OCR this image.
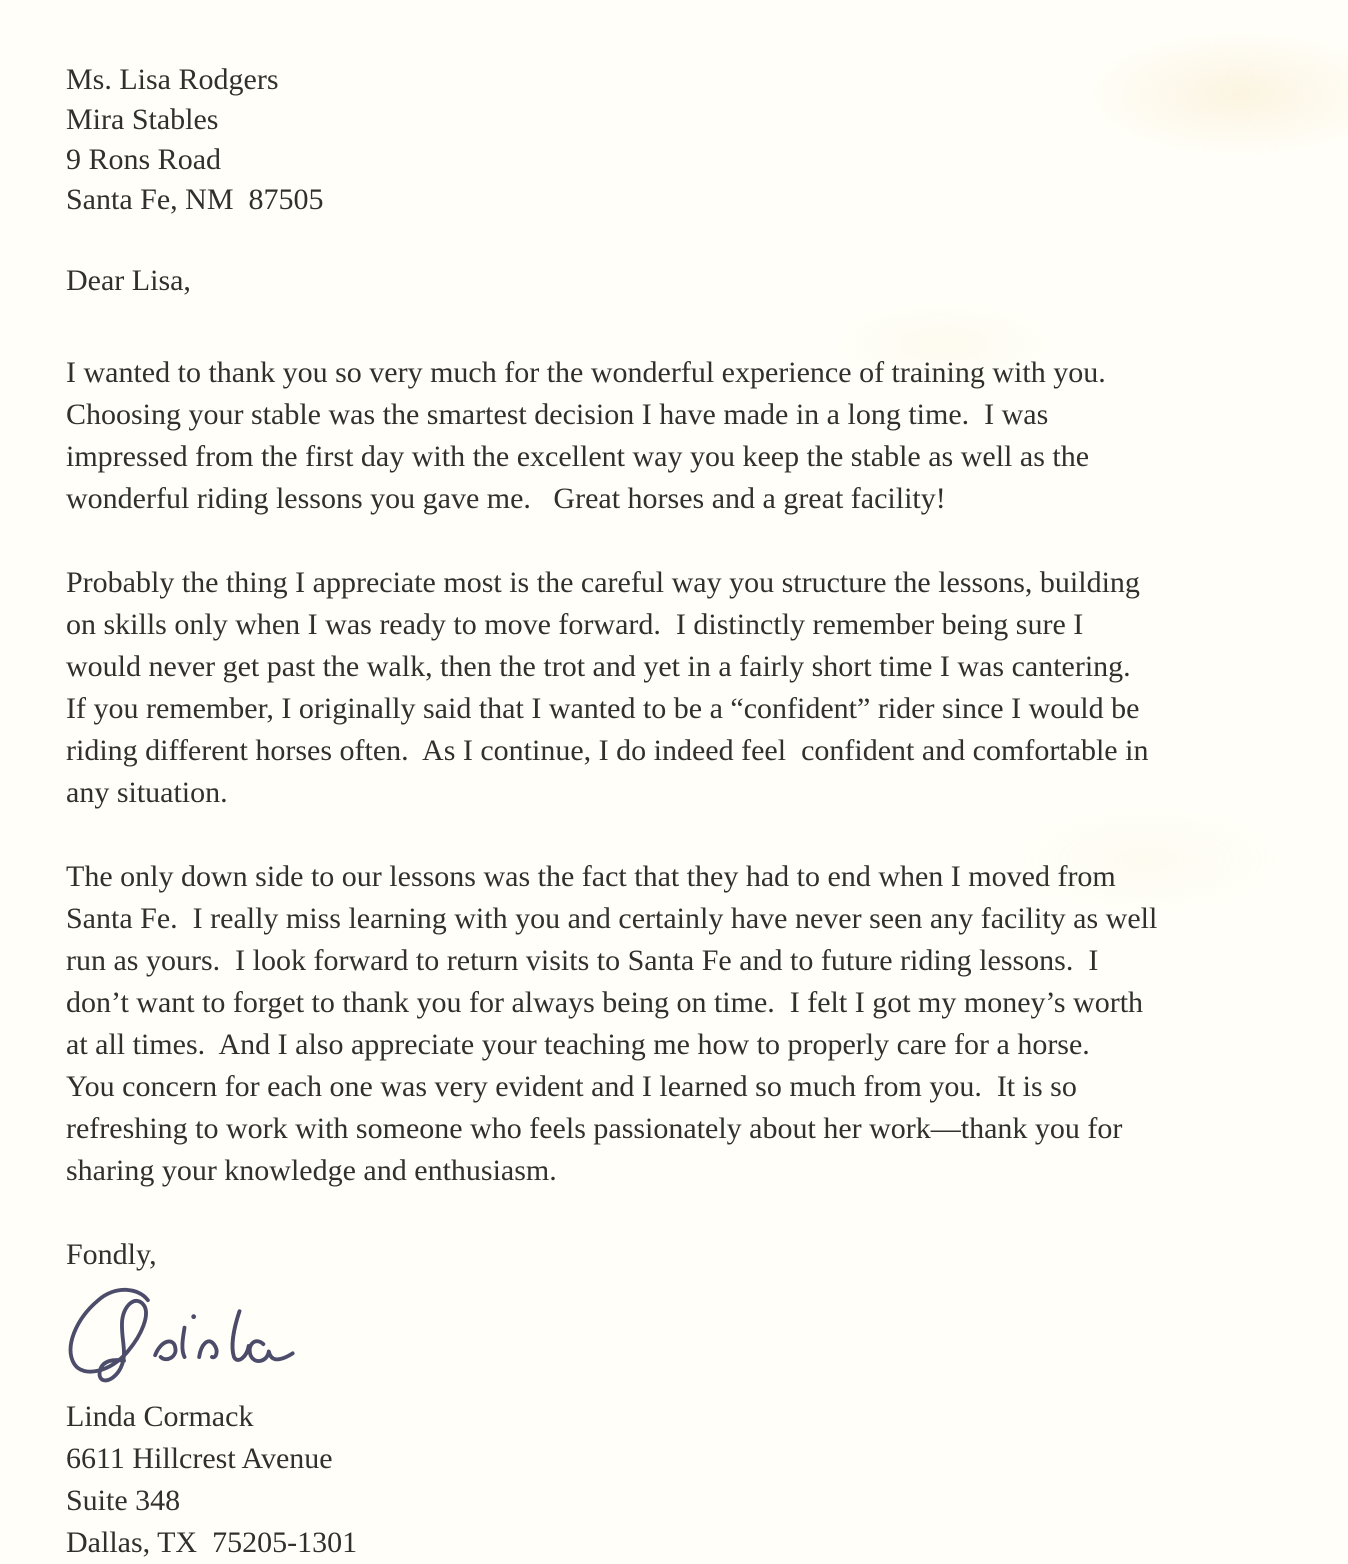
Ms. Lisa Rodgers
Mira Stables
9 Rons Road
Santa Fe, NM  87505
Dear Lisa,
I wanted to thank you so very much for the wonderful experience of training with you.
Choosing your stable was the smartest decision I have made in a long time.  I was
impressed from the first day with the excellent way you keep the stable as well as the
wonderful riding lessons you gave me.   Great horses and a great facility!
Probably the thing I appreciate most is the careful way you structure the lessons, building
on skills only when I was ready to move forward.  I distinctly remember being sure I
would never get past the walk, then the trot and yet in a fairly short time I was cantering.
If you remember, I originally said that I wanted to be a “confident” rider since I would be
riding different horses often.  As I continue, I do indeed feel  confident and comfortable in
any situation.
The only down side to our lessons was the fact that they had to end when I moved from
Santa Fe.  I really miss learning with you and certainly have never seen any facility as well
run as yours.  I look forward to return visits to Santa Fe and to future riding lessons.  I
don’t want to forget to thank you for always being on time.  I felt I got my money’s worth
at all times.  And I also appreciate your teaching me how to properly care for a horse.
You concern for each one was very evident and I learned so much from you.  It is so
refreshing to work with someone who feels passionately about her work—thank you for
sharing your knowledge and enthusiasm.
Fondly,
Linda Cormack
6611 Hillcrest Avenue
Suite 348
Dallas, TX  75205-1301
